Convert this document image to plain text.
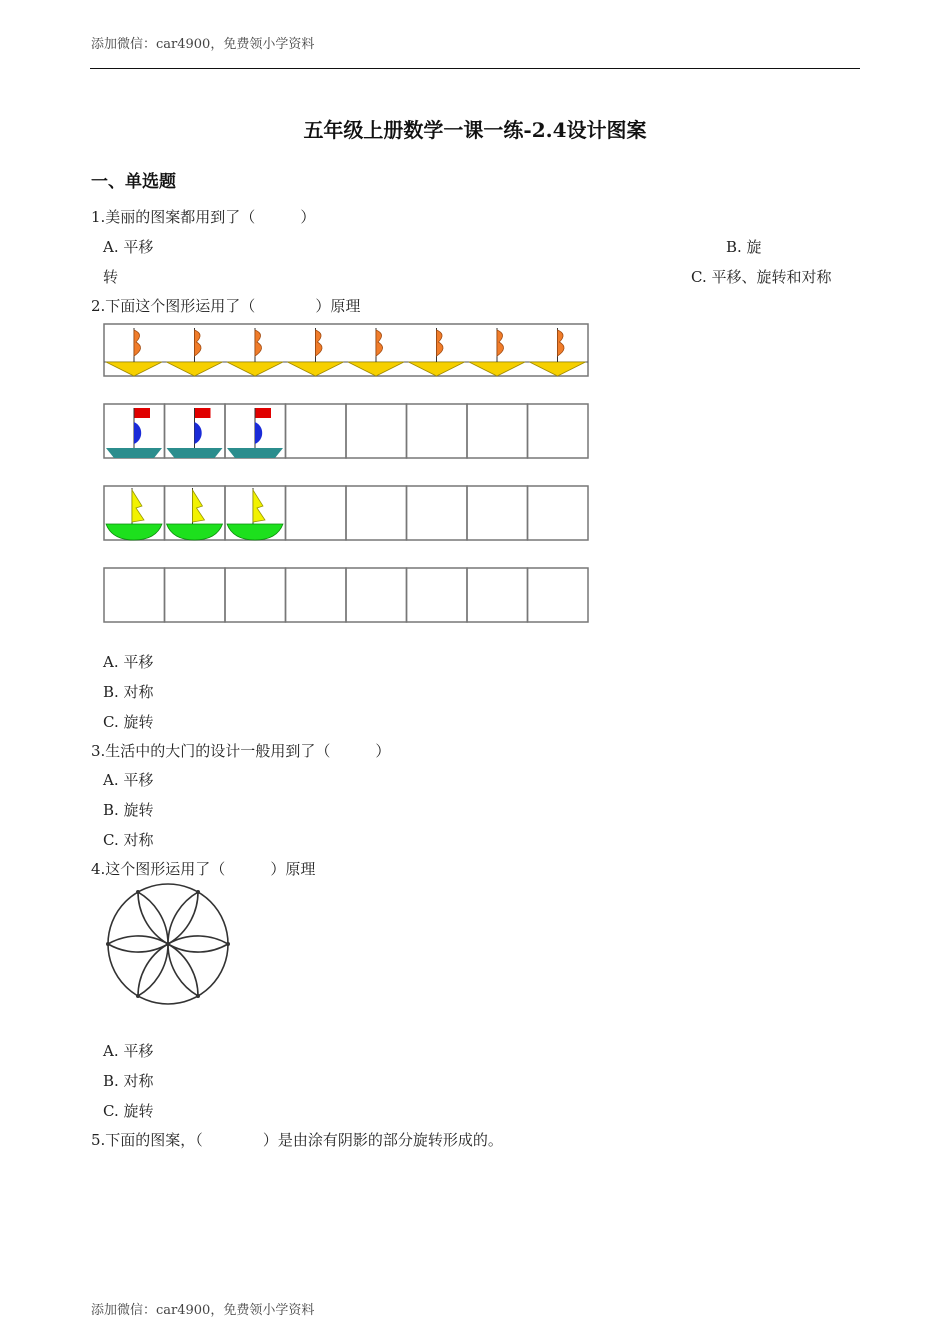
添加微信：car4900，免费领小学资料
五年级上册数学一课一练-2.4设计图案
一、单选题
1.美丽的图案都用到了（　　　）
A. 平移	B. 旋
转	C. 平移、旋转和对称
2.下面这个图形运用了（　　　　）原理
A. 平移
B. 对称
C. 旋转
3.生活中的大门的设计一般用到了（　　　）
A. 平移
B. 旋转
C. 对称
4.这个图形运用了（　　　）原理
A. 平移
B. 对称
C. 旋转
5.下面的图案，（　　　　）是由涂有阴影的部分旋转形成的。
添加微信：car4900，免费领小学资料
